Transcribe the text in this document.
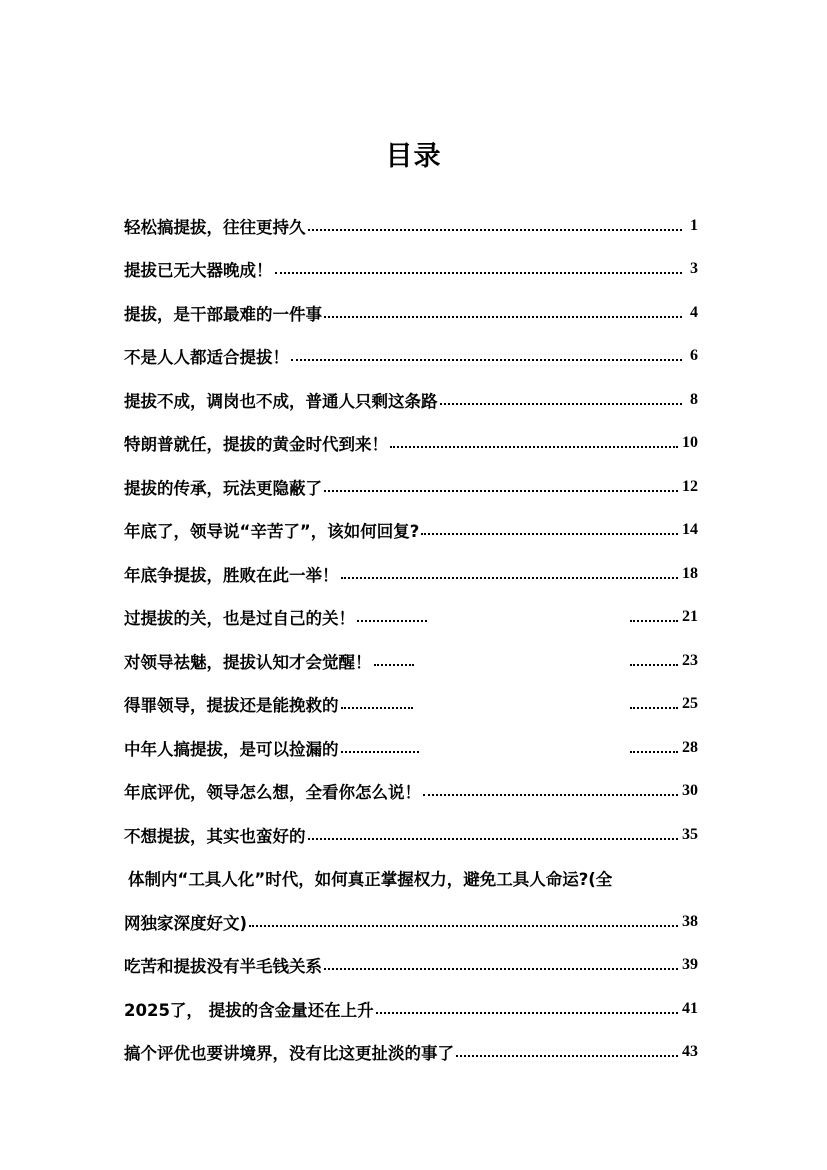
目录
轻松搞提拔，往往更持久	1
提拔已无大器晚成！	3
提拔，是干部最难的一件事	4
不是人人都适合提拔！	6
提拔不成，调岗也不成，普通人只剩这条路	8
特朗普就任，提拔的黄金时代到来！	10
提拔的传承，玩法更隐蔽了	12
年底了，领导说“辛苦了”，该如何回复?	14
年底争提拔，胜败在此一举！	18
过提拔的关，也是过自己的关！	21
对领导祛魅，提拔认知才会觉醒！	23
得罪领导，提拔还是能挽救的	25
中年人搞提拔，是可以捡漏的	28
年底评优，领导怎么想，全看你怎么说！	30
不想提拔，其实也蛮好的	35
体制内“工具人化”时代，如何真正掌握权力，避免工具人命运?(全
网独家深度好文)	38
吃苦和提拔没有半毛钱关系	39
2025了， 提拔的含金量还在上升	41
搞个评优也要讲境界，没有比这更扯淡的事了	43
